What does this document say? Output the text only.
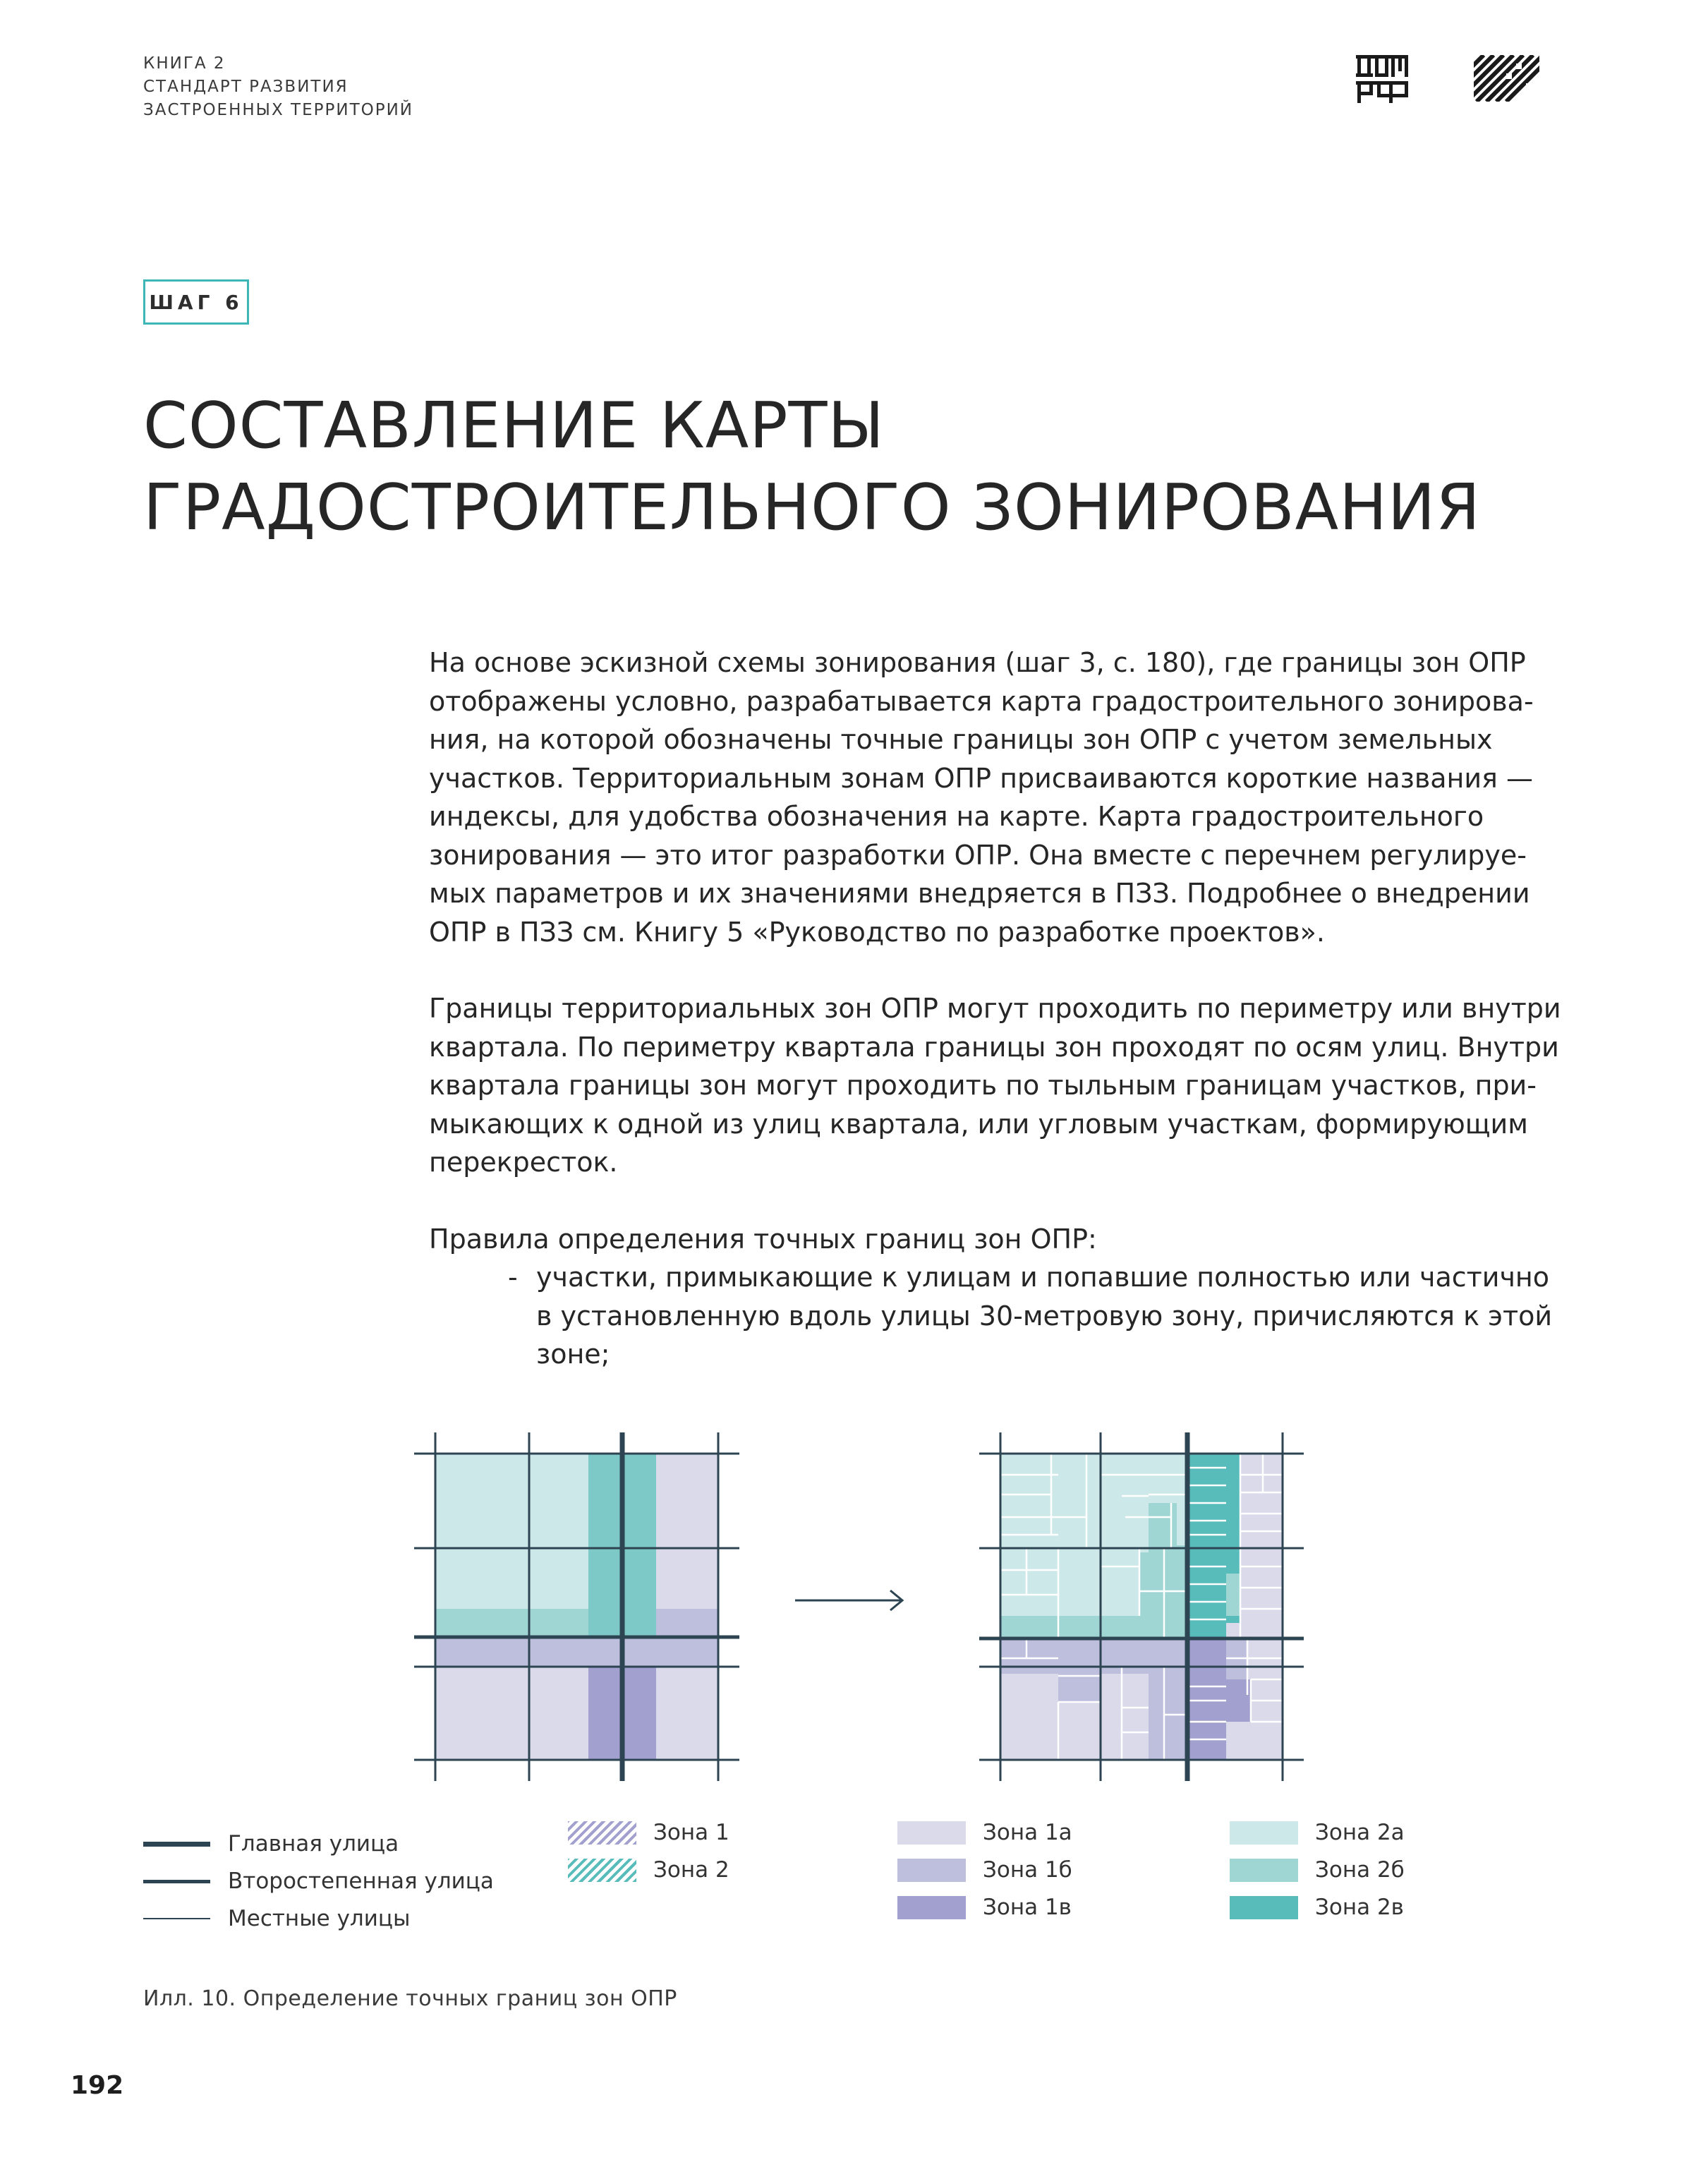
КНИГА 2
СТАНДАРТ РАЗВИТИЯ
ЗАСТРОЕННЫХ ТЕРРИТОРИЙ
ШАГ 6
СОСТАВЛЕНИЕ КАРТЫ
ГРАДОСТРОИТЕЛЬНОГО ЗОНИРОВАНИЯ

На основе эскизной схемы зонирования (шаг 3, с. 180), где границы зон ОПР
отображены условно, разрабатывается карта градостроительного зонирова-
ния, на которой обозначены точные границы зон ОПР с учетом земельных
участков. Территориальным зонам ОПР присваиваются короткие названия —
индексы, для удобства обозначения на карте. Карта градостроительного
зонирования — это итог разработки ОПР. Она вместе с перечнем регулируе-
мых параметров и их значениями внедряется в ПЗЗ. Подробнее о внедрении
ОПР в ПЗЗ см. Книгу 5 «Руководство по разработке проектов».

Границы территориальных зон ОПР могут проходить по периметру или внутри
квартала. По периметру квартала границы зон проходят по осям улиц. Внутри
квартала границы зон могут проходить по тыльным границам участков, при-
мыкающих к одной из улиц квартала, или угловым участкам, формирующим
перекресток.

Правила определения точных границ зон ОПР:

- участки, примыкающие к улицам и попавшие полностью или частично
в установленную вдоль улицы 30-метровую зону, причисляются к этой
зоне;
Главная улица
Второстепенная улица
Местные улицы
Зона 1
Зона 2
Зона 1а
Зона 1б
Зона 1в
Зона 2а
Зона 2б
Зона 2в
Илл. 10. Определение точных границ зон ОПР
192
